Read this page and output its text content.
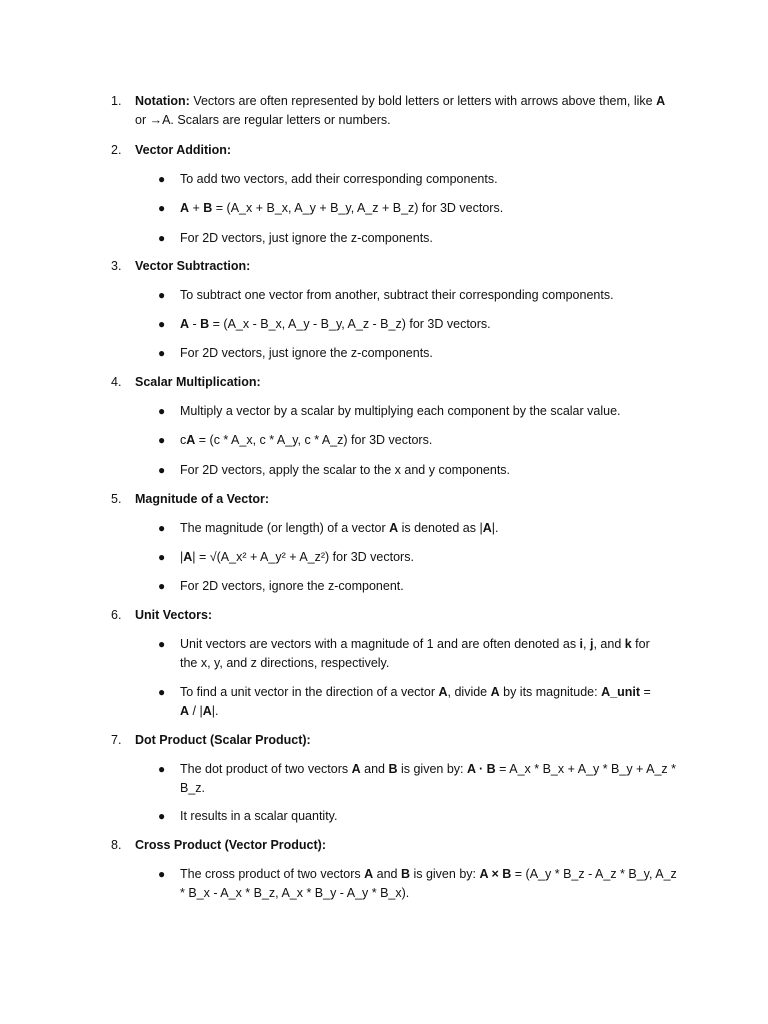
1. Notation: Vectors are often represented by bold letters or letters with arrows above them, like A
or →A. Scalars are regular letters or numbers.
2. Vector Addition:
● To add two vectors, add their corresponding components.
● A + B = (A_x + B_x, A_y + B_y, A_z + B_z) for 3D vectors.
● For 2D vectors, just ignore the z-components.
3. Vector Subtraction:
● To subtract one vector from another, subtract their corresponding components.
● A - B = (A_x - B_x, A_y - B_y, A_z - B_z) for 3D vectors.
● For 2D vectors, just ignore the z-components.
4. Scalar Multiplication:
● Multiply a vector by a scalar by multiplying each component by the scalar value.
● cA = (c * A_x, c * A_y, c * A_z) for 3D vectors.
● For 2D vectors, apply the scalar to the x and y components.
5. Magnitude of a Vector:
● The magnitude (or length) of a vector A is denoted as |A|.
● |A| = √(A_x² + A_y² + A_z²) for 3D vectors.
● For 2D vectors, ignore the z-component.
6. Unit Vectors:
● Unit vectors are vectors with a magnitude of 1 and are often denoted as i, j, and k for
the x, y, and z directions, respectively.
● To find a unit vector in the direction of a vector A, divide A by its magnitude: A_unit =
A / |A|.
7. Dot Product (Scalar Product):
● The dot product of two vectors A and B is given by: A · B = A_x * B_x + A_y * B_y + A_z *
B_z.
● It results in a scalar quantity.
8. Cross Product (Vector Product):
● The cross product of two vectors A and B is given by: A × B = (A_y * B_z - A_z * B_y, A_z
* B_x - A_x * B_z, A_x * B_y - A_y * B_x).
